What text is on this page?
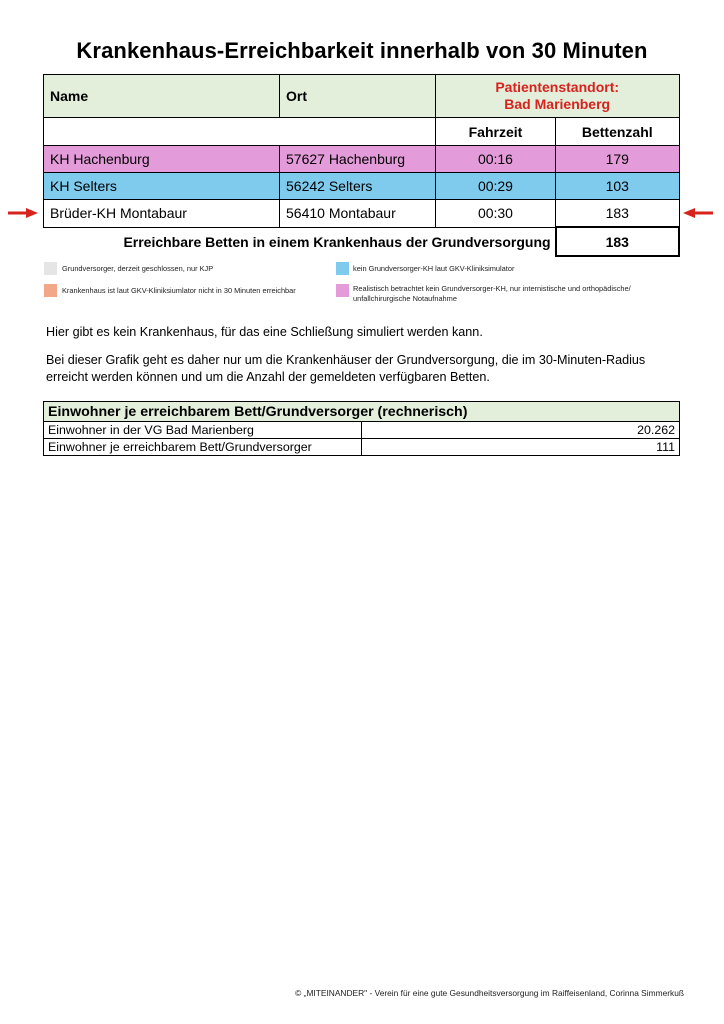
Krankenhaus-Erreichbarkeit innerhalb von 30 Minuten
Name	Ort	Patientenstandort:
Bad Marienberg	
		Fahrzeit	Bettenzahl
KH Hachenburg	57627 Hachenburg	00:16	179
KH Selters	56242 Selters	00:29	103
Brüder-KH Montabaur	56410 Montabaur	00:30	183
Erreichbare Betten in einem Krankenhaus der Grundversorgung			183
Grundversorger, derzeit geschlossen, nur KJP
Krankenhaus ist laut GKV-Kliniksiumlator nicht in 30 Minuten erreichbar
kein Grundversorger-KH laut GKV-Kliniksimulator
Realistisch betrachtet kein Grundversorger-KH, nur internistische und orthopädische/ unfallchirurgische Notaufnahme
Hier gibt es kein Krankenhaus, für das eine Schließung simuliert werden kann.
Bei dieser Grafik geht es daher nur um die Krankenhäuser der Grundversorgung, die im 30-Minuten-Radius erreicht werden können und um die Anzahl der gemeldeten verfügbaren Betten.
Einwohner je erreichbarem Bett/Grundversorger (rechnerisch)	
Einwohner in der VG Bad Marienberg	20.262
Einwohner je erreichbarem Bett/Grundversorger	111
© „MITEINANDER" - Verein für eine gute Gesundheitsversorgung im Raiffeisenland, Corinna Simmerkuß
